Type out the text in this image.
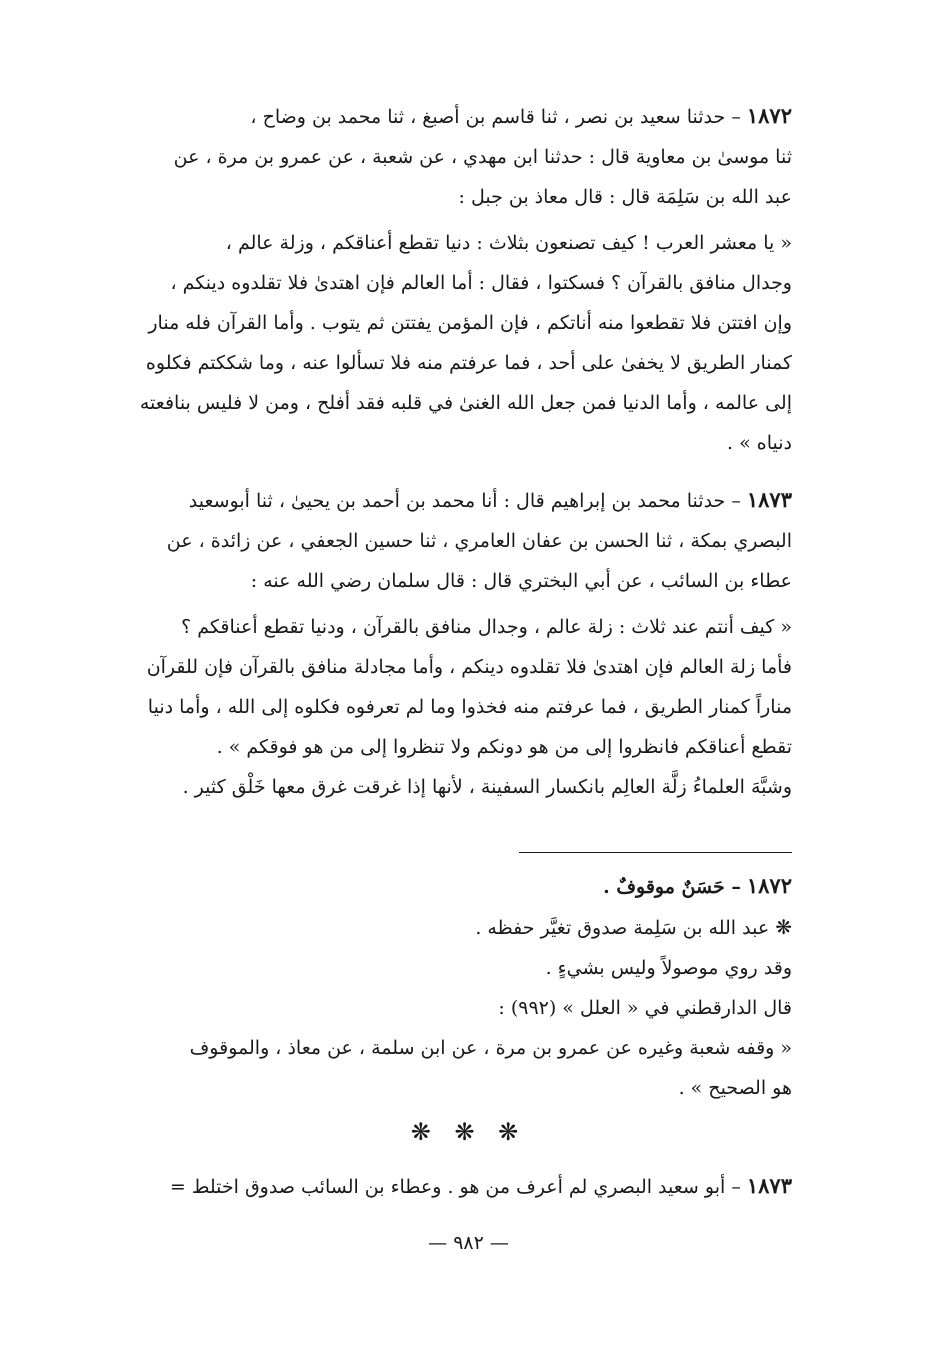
١٨٧٢ – حدثنا سعيد بن نصر ، ثنا قاسم بن أصبغ ، ثنا محمد بن وضاح ،
ثنا موسىٰ بن معاوية قال : حدثنا ابن مهدي ، عن شعبة ، عن عمرو بن مرة ، عن
عبد الله بن سَلِمَة قال : قال معاذ بن جبل :
« يا معشر العرب ! كيف تصنعون بثلاث : دنيا تقطع أعناقكم ، وزلة عالم ،
وجدال منافق بالقرآن ؟ فسكتوا ، فقال : أما العالم فإن اهتدىٰ فلا تقلدوه دينكم ،
وإن افتتن فلا تقطعوا منه أناتكم ، فإن المؤمن يفتتن ثم يتوب . وأما القرآن فله منار
كمنار الطريق لا يخفىٰ على أحد ، فما عرفتم منه فلا تسألوا عنه ، وما شككتم فكلوه
إلى عالمه ، وأما الدنيا فمن جعل الله الغنىٰ في قلبه فقد أفلح ، ومن لا فليس بنافعته
دنياه » .
١٨٧٣ – حدثنا محمد بن إبراهيم قال : أنا محمد بن أحمد بن يحيىٰ ، ثنا أبوسعيد
البصري بمكة ، ثنا الحسن بن عفان العامري ، ثنا حسين الجعفي ، عن زائدة ، عن
عطاء بن السائب ، عن أبي البختري قال : قال سلمان رضي الله عنه :
« كيف أنتم عند ثلاث : زلة عالم ، وجدال منافق بالقرآن ، ودنيا تقطع أعناقكم ؟
فأما زلة العالم فإن اهتدىٰ فلا تقلدوه دينكم ، وأما مجادلة منافق بالقرآن فإن للقرآن
مناراً كمنار الطريق ، فما عرفتم منه فخذوا وما لم تعرفوه فكلوه إلى الله ، وأما دنيا
تقطع أعناقكم فانظروا إلى من هو دونكم ولا تنظروا إلى من هو فوقكم » .
وشبَّهَ العلماءُ زلَّة العالِم بانكسار السفينة ، لأنها إذا غرقت غرق معها خَلْق كثير .
١٨٧٢ – حَسَنٌ موقوفٌ .
❋ عبد الله بن سَلِمة صدوق تغيَّر حفظه .
وقد روي موصولاً وليس بشيءٍ .
قال الدارقطني في « العلل » (٩٩٢) :
« وقفه شعبة وغيره عن عمرو بن مرة ، عن ابن سلمة ، عن معاذ ، والموقوف
هو الصحيح » .
❋ ❋ ❋
١٨٧٣ – أبو سعيد البصري لم أعرف من هو . وعطاء بن السائب صدوق اختلط =
— ٩٨٢ —
